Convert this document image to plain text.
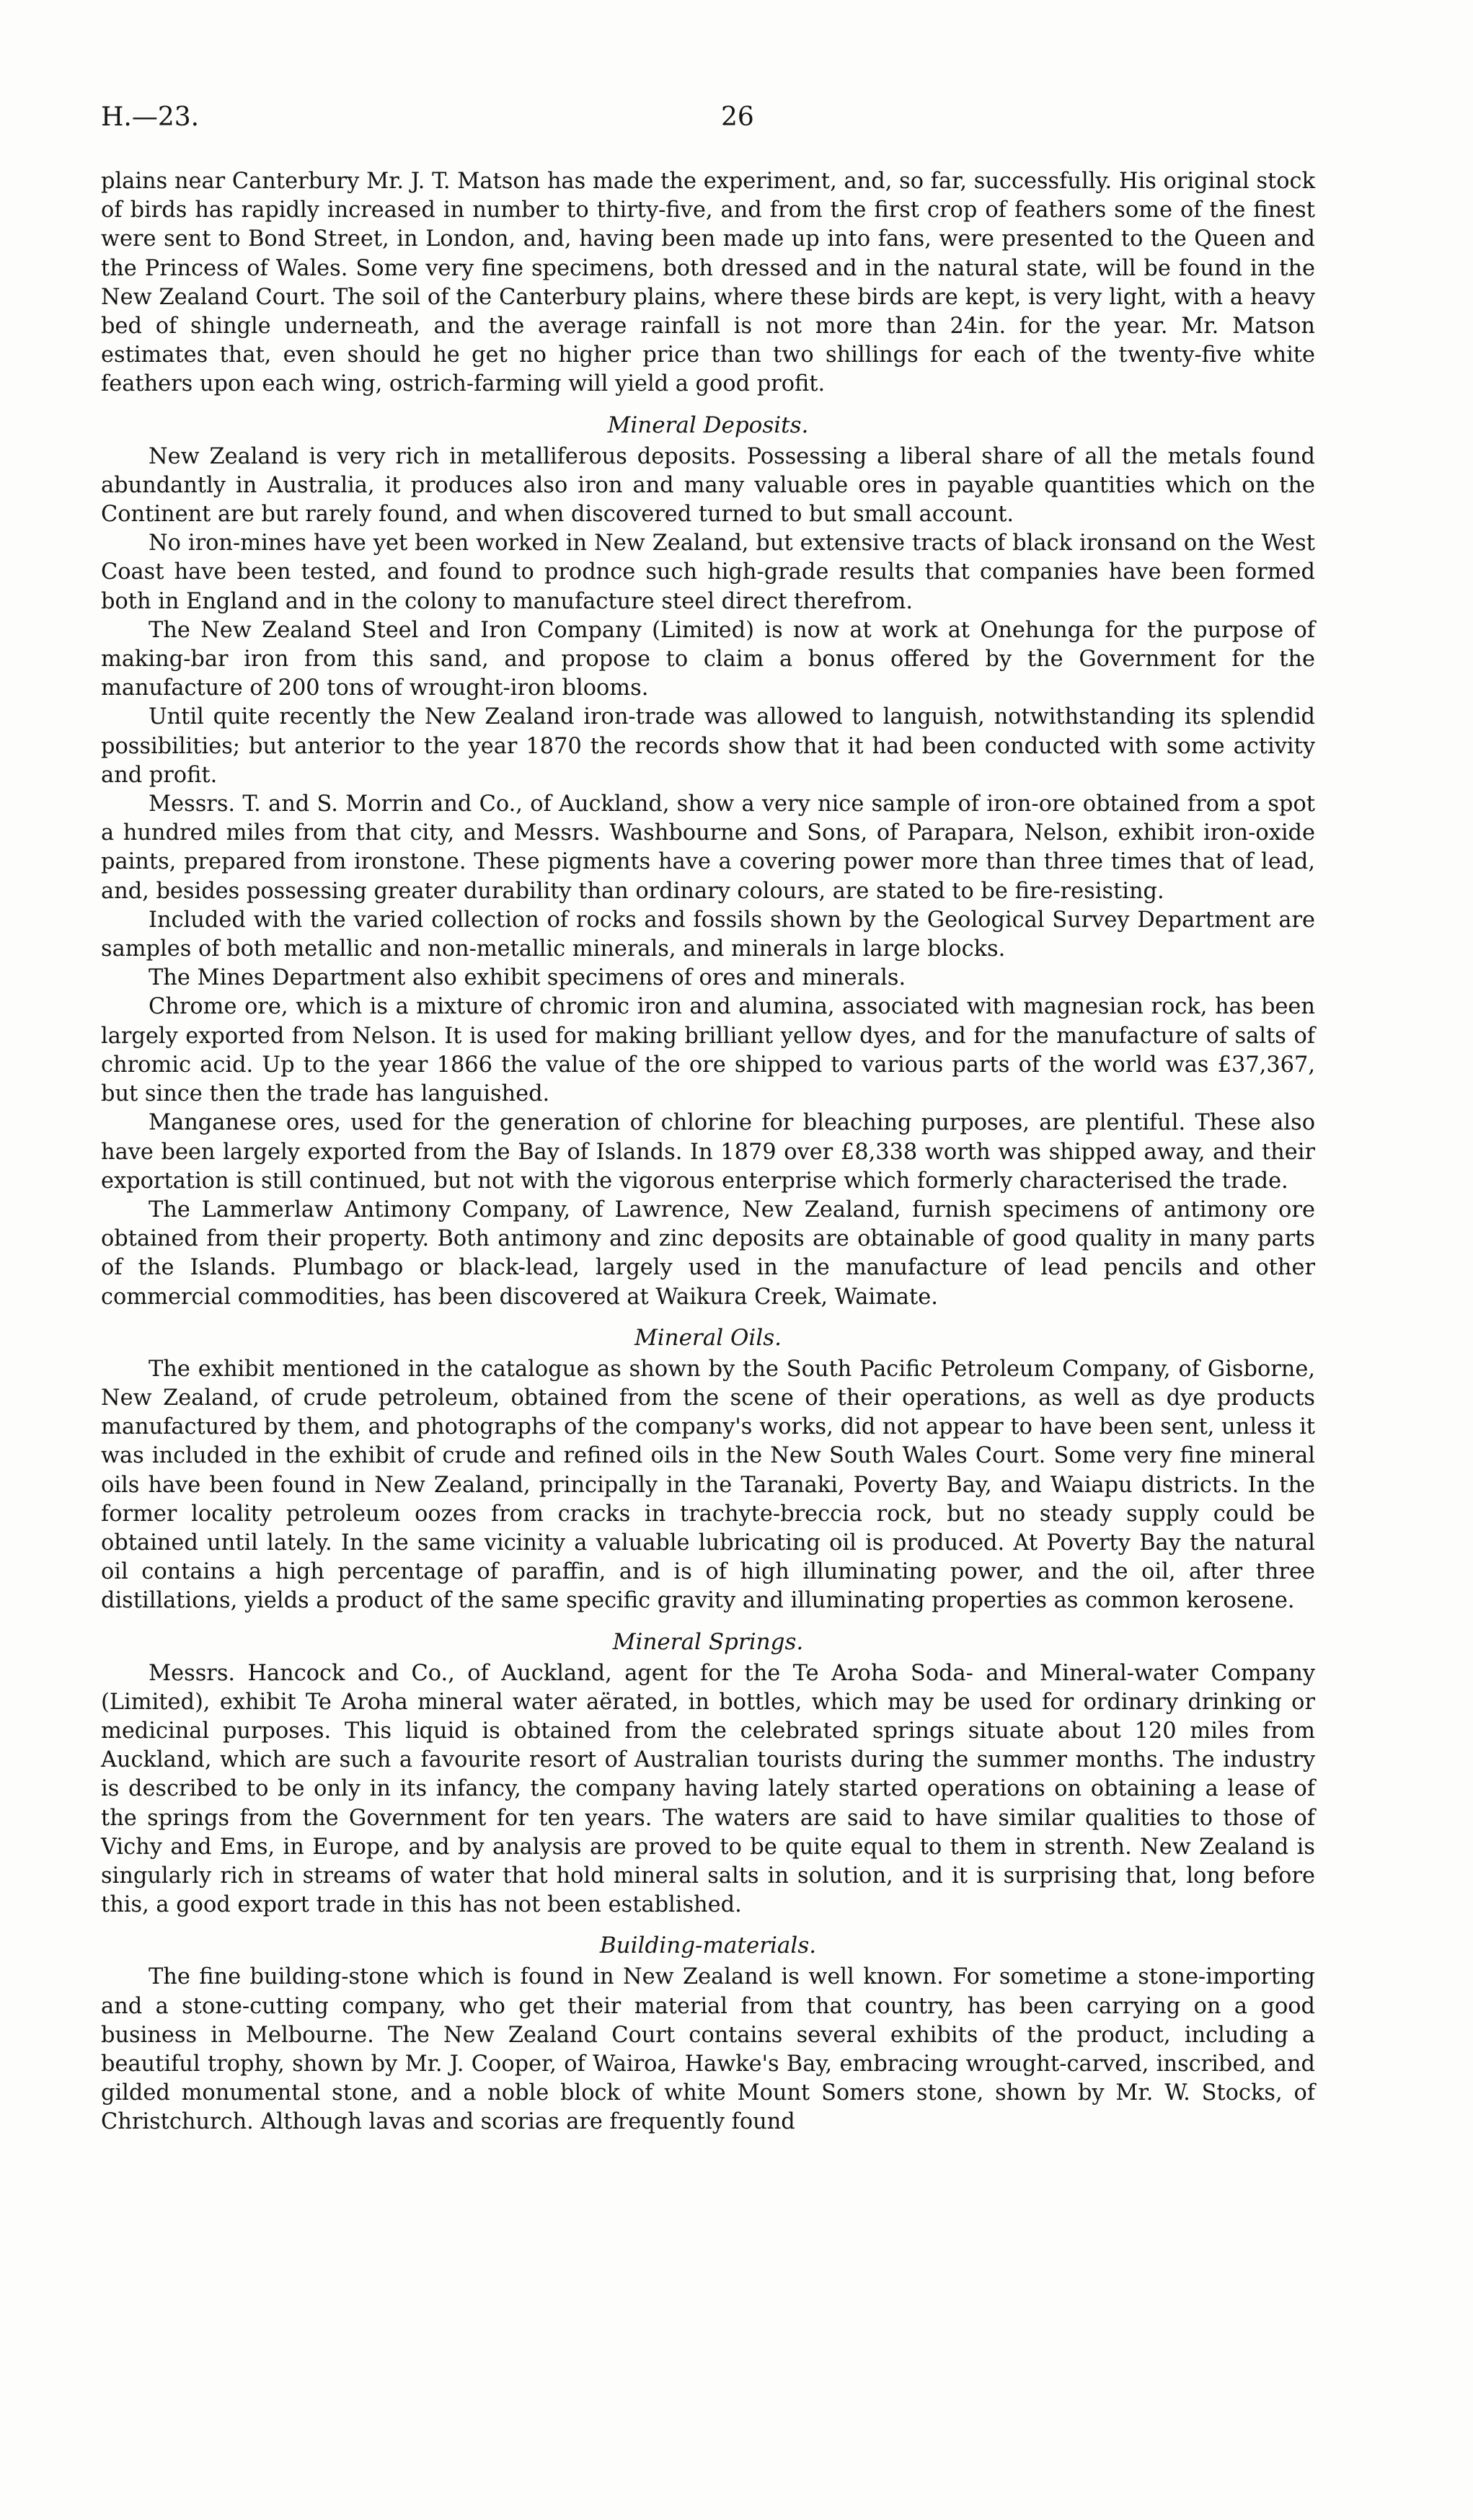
H.—23.	26

plains near Canterbury Mr. J. T. Matson has made the experiment, and, so far, successfully. His original stock of birds has rapidly increased in number to thirty-five, and from the first crop of feathers some of the finest were sent to Bond Street, in London, and, having been made up into fans, were presented to the Queen and the Princess of Wales. Some very fine specimens, both dressed and in the natural state, will be found in the New Zealand Court. The soil of the Canterbury plains, where these birds are kept, is very light, with a heavy bed of shingle underneath, and the average rainfall is not more than 24in. for the year. Mr. Matson estimates that, even should he get no higher price than two shillings for each of the twenty-five white feathers upon each wing, ostrich-farming will yield a good profit.

Mineral Deposits.

New Zealand is very rich in metalliferous deposits. Possessing a liberal share of all the metals found abundantly in Australia, it produces also iron and many valuable ores in payable quantities which on the Continent are but rarely found, and when discovered turned to but small account.

No iron-mines have yet been worked in New Zealand, but extensive tracts of black ironsand on the West Coast have been tested, and found to prodnce such high-grade results that companies have been formed both in England and in the colony to manufacture steel direct therefrom.

The New Zealand Steel and Iron Company (Limited) is now at work at Onehunga for the purpose of making-bar iron from this sand, and propose to claim a bonus offered by the Government for the manufacture of 200 tons of wrought-iron blooms.

Until quite recently the New Zealand iron-trade was allowed to languish, notwithstanding its splendid possibilities; but anterior to the year 1870 the records show that it had been conducted with some activity and profit.

Messrs. T. and S. Morrin and Co., of Auckland, show a very nice sample of iron-ore obtained from a spot a hundred miles from that city, and Messrs. Washbourne and Sons, of Parapara, Nelson, exhibit iron-oxide paints, prepared from ironstone. These pigments have a covering power more than three times that of lead, and, besides possessing greater durability than ordinary colours, are stated to be fire-resisting.

Included with the varied collection of rocks and fossils shown by the Geological Survey Department are samples of both metallic and non-metallic minerals, and minerals in large blocks.

The Mines Department also exhibit specimens of ores and minerals.

Chrome ore, which is a mixture of chromic iron and alumina, associated with magnesian rock, has been largely exported from Nelson. It is used for making brilliant yellow dyes, and for the manufacture of salts of chromic acid. Up to the year 1866 the value of the ore shipped to various parts of the world was £37,367, but since then the trade has languished.

Manganese ores, used for the generation of chlorine for bleaching purposes, are plentiful. These also have been largely exported from the Bay of Islands. In 1879 over £8,338 worth was shipped away, and their exportation is still continued, but not with the vigorous enterprise which formerly characterised the trade.

The Lammerlaw Antimony Company, of Lawrence, New Zealand, furnish specimens of antimony ore obtained from their property. Both antimony and zinc deposits are obtainable of good quality in many parts of the Islands. Plumbago or black-lead, largely used in the manufacture of lead pencils and other commercial commodities, has been discovered at Waikura Creek, Waimate.

Mineral Oils.

The exhibit mentioned in the catalogue as shown by the South Pacific Petroleum Company, of Gisborne, New Zealand, of crude petroleum, obtained from the scene of their operations, as well as dye products manufactured by them, and photographs of the company's works, did not appear to have been sent, unless it was included in the exhibit of crude and refined oils in the New South Wales Court. Some very fine mineral oils have been found in New Zealand, principally in the Taranaki, Poverty Bay, and Waiapu districts. In the former locality petroleum oozes from cracks in trachyte-breccia rock, but no steady supply could be obtained until lately. In the same vicinity a valuable lubricating oil is produced. At Poverty Bay the natural oil contains a high percentage of paraffin, and is of high illuminating power, and the oil, after three distillations, yields a product of the same specific gravity and illuminating properties as common kerosene.

Mineral Springs.

Messrs. Hancock and Co., of Auckland, agent for the Te Aroha Soda- and Mineral-water Company (Limited), exhibit Te Aroha mineral water aërated, in bottles, which may be used for ordinary drinking or medicinal purposes. This liquid is obtained from the celebrated springs situate about 120 miles from Auckland, which are such a favourite resort of Australian tourists during the summer months. The industry is described to be only in its infancy, the company having lately started operations on obtaining a lease of the springs from the Government for ten years. The waters are said to have similar qualities to those of Vichy and Ems, in Europe, and by analysis are proved to be quite equal to them in strenth. New Zealand is singularly rich in streams of water that hold mineral salts in solution, and it is surprising that, long before this, a good export trade in this has not been established.

Building-materials.

The fine building-stone which is found in New Zealand is well known. For sometime a stone-importing and a stone-cutting company, who get their material from that country, has been carrying on a good business in Melbourne. The New Zealand Court contains several exhibits of the product, including a beautiful trophy, shown by Mr. J. Cooper, of Wairoa, Hawke's Bay, embracing wrought-carved, inscribed, and gilded monumental stone, and a noble block of white Mount Somers stone, shown by Mr. W. Stocks, of Christchurch. Although lavas and scorias are frequently found
